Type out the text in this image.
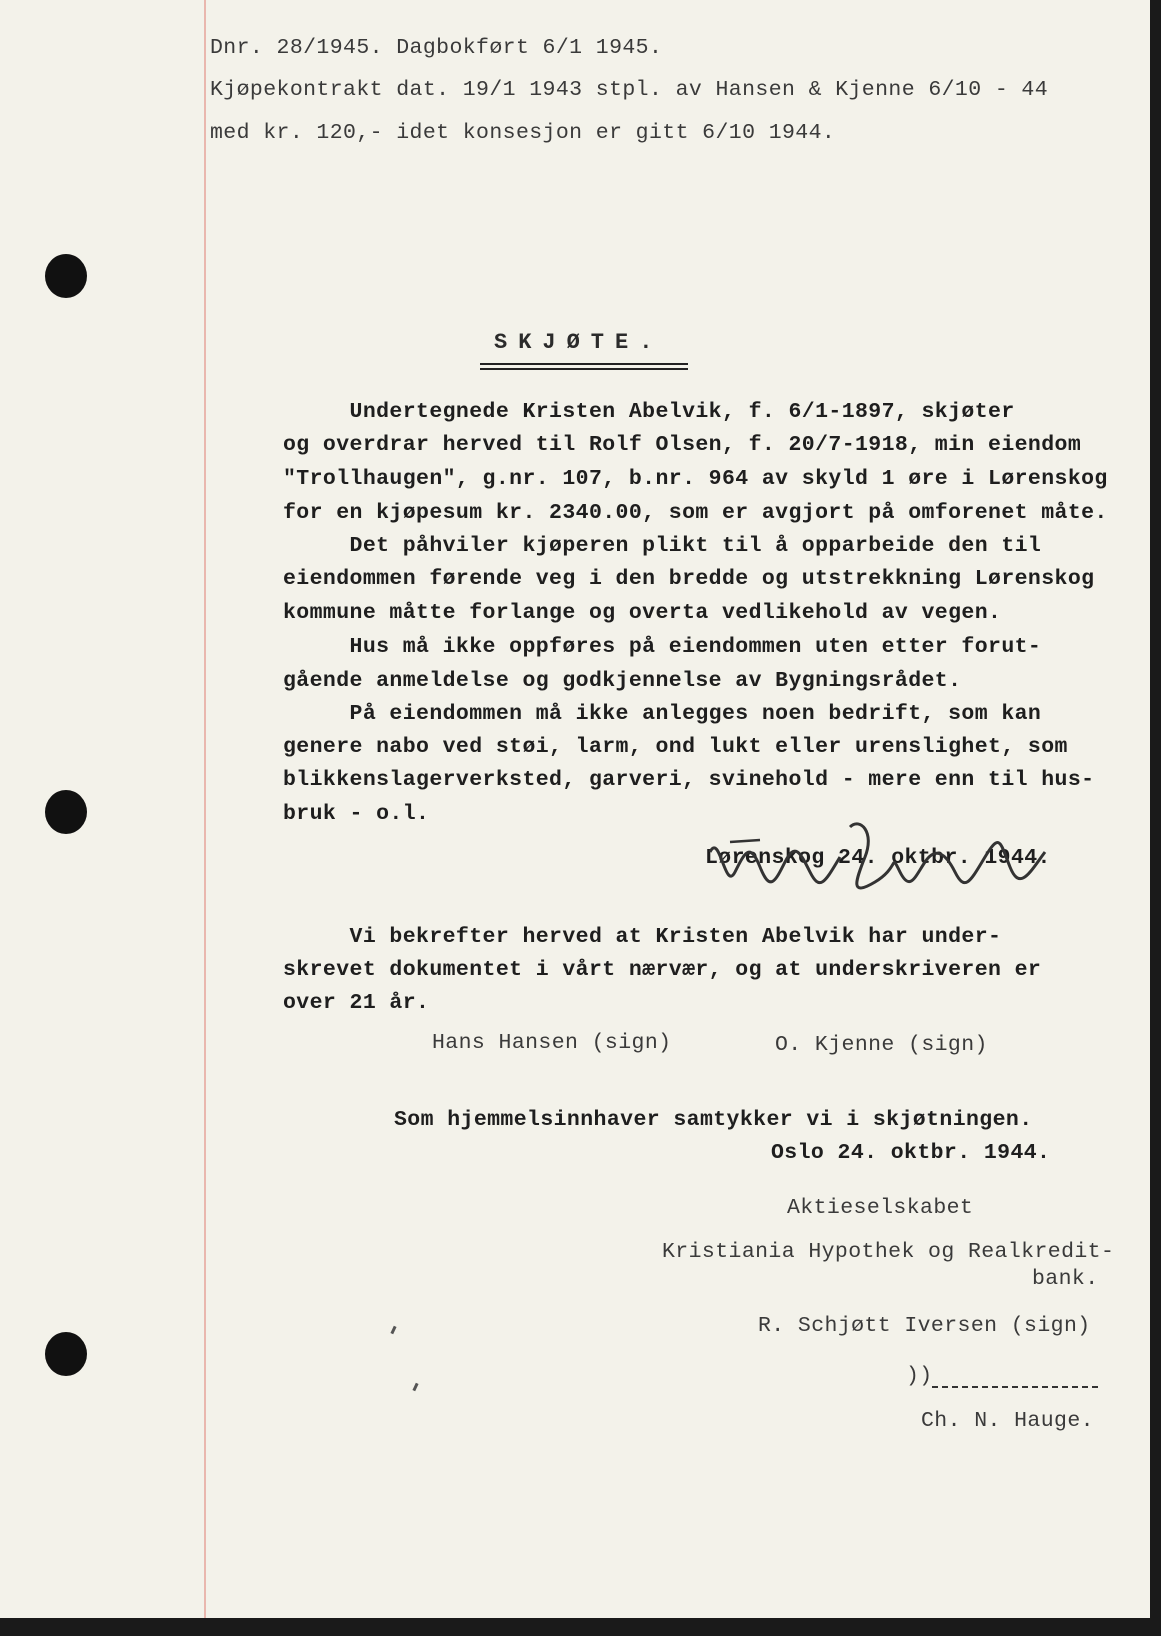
Dnr. 28/1945. Dagbokført 6/1 1945.
Kjøpekontrakt dat. 19/1 1943 stpl. av Hansen & Kjenne 6/10 - 44
med kr. 120,- idet konsesjon er gitt 6/10 1944.
SKJØTE.
Undertegnede Kristen Abelvik, f. 6/1-1897, skjøter
og overdrar herved til Rolf Olsen, f. 20/7-1918, min eiendom
"Trollhaugen", g.nr. 107, b.nr. 964 av skyld 1 øre i Lørenskog
for en kjøpesum kr. 2340.00, som er avgjort på omforenet måte.
Det påhviler kjøperen plikt til å opparbeide den til
eiendommen førende veg i den bredde og utstrekkning Lørenskog
kommune måtte forlange og overta vedlikehold av vegen.
Hus må ikke oppføres på eiendommen uten etter forut-
gående anmeldelse og godkjennelse av Bygningsrådet.
På eiendommen må ikke anlegges noen bedrift, som kan
genere nabo ved støi, larm, ond lukt eller urenslighet, som
blikkenslagerverksted, garveri, svinehold - mere enn til hus-
bruk - o.l.
Lørenskog 24. oktbr. 1944.
Vi bekrefter herved at Kristen Abelvik har under-
skrevet dokumentet i vårt nærvær, og at underskriveren er
over 21 år.
Hans Hansen (sign)	O. Kjenne (sign)
Som hjemmelsinnhaver samtykker vi i skjøtningen.
Oslo 24. oktbr. 1944.
Aktieselskabet
Kristiania Hypothek og Realkredit-
bank.
R. Schjøtt Iversen (sign)
))
Ch. N. Hauge.
